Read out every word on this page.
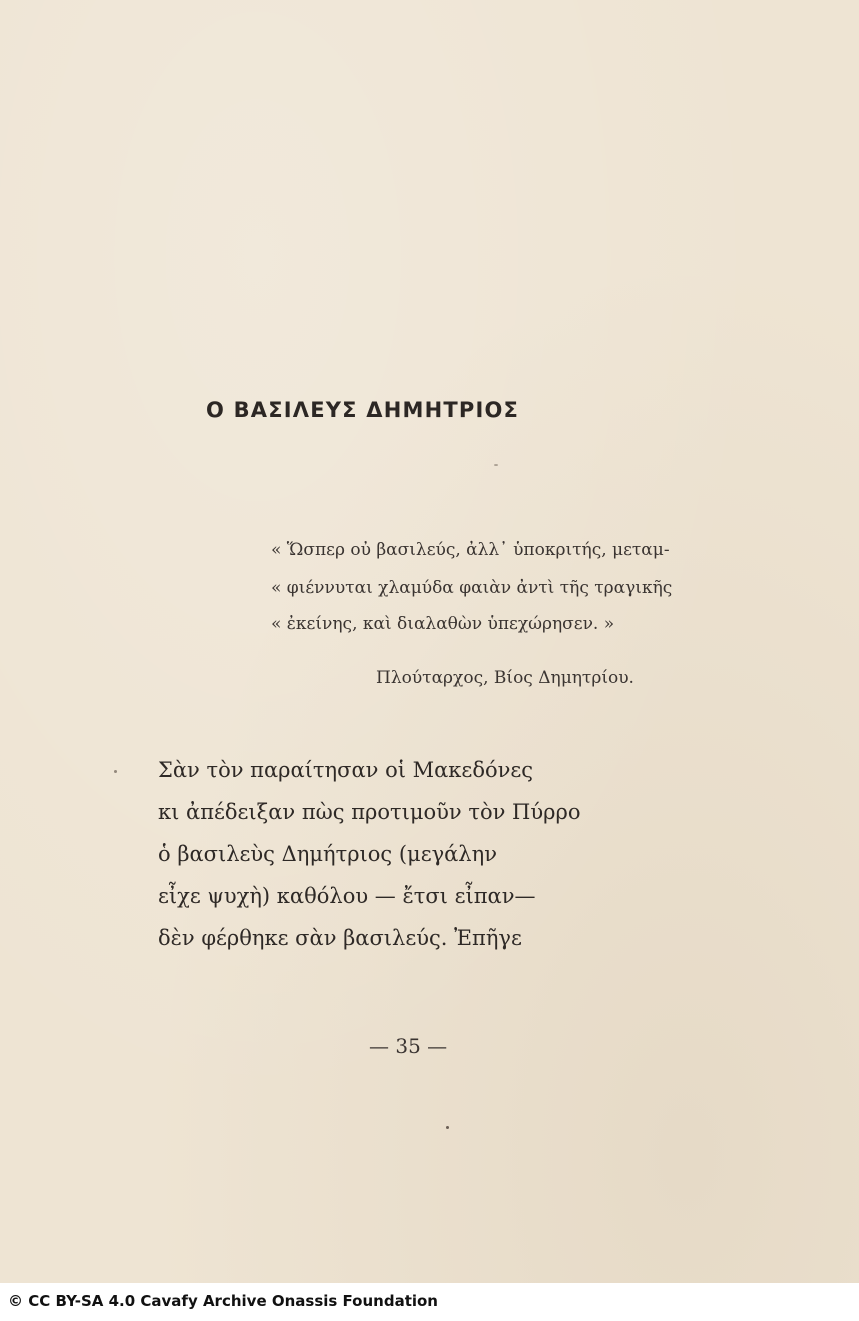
Ο ΒΑΣΙΛΕΥΣ ΔΗΜΗΤΡΙΟΣ
« Ὥσπερ οὐ βασιλεύς, ἀλλ᾽ ὑποκριτής, μεταμ-
« φιέννυται χλαμύδα φαιὰν ἀντὶ τῆς τραγικῆς
« ἐκείνης, καὶ διαλαθὼν ὑπεχώρησεν. »
Πλούταρχος, Βίος Δημητρίου.
Σὰν τὸν παραίτησαν οἱ Μακεδόνες
κι ἀπέδειξαν πὼς προτιμοῦν τὸν Πύρρο
ὁ βασιλεὺς Δημήτριος (μεγάλην
εἶχε ψυχὴ) καθόλου — ἔτσι εἶπαν—
δὲν φέρθηκε σὰν βασιλεύς. Ἐπῆγε
— 35 —
© CC BY-SA 4.0 Cavafy Archive Onassis Foundation
